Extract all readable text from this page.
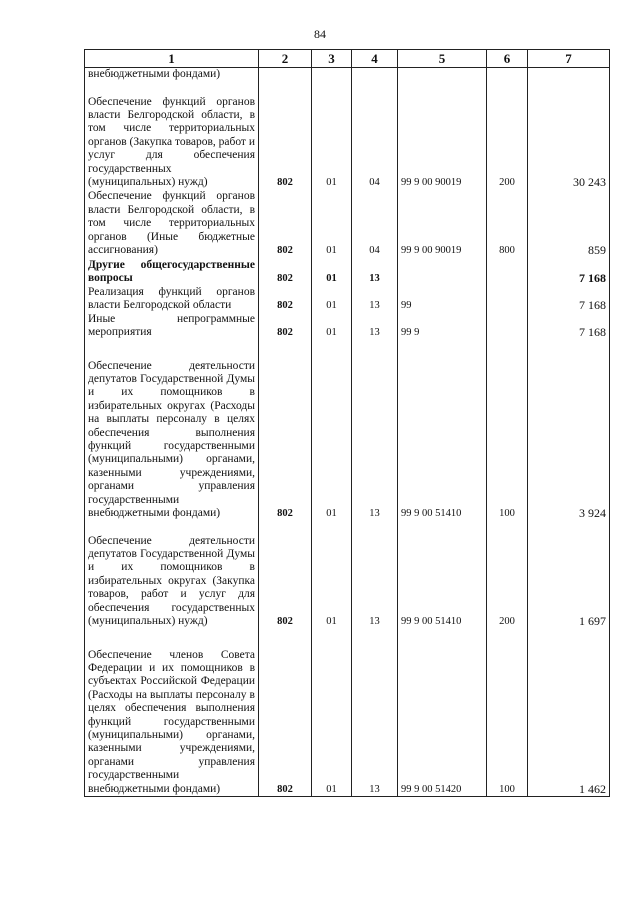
84
1	2	3	4	5	6	7
внебюджетными фондами)						
Обеспечение функций органов власти Белгородской области, в том числе территориальных органов (Закупка товаров, работ и услуг для обеспечения государственных (муниципальных) нужд)	802	01	04	99 9 00 90019	200	30 243
Обеспечение функций органов власти Белгородской области, в том числе территориальных органов (Иные бюджетные ассигнования)	802	01	04	99 9 00 90019	800	859
Другие общегосударственные вопросы	802	01	13			7 168
Реализация функций органов власти Белгородской области	802	01	13	99		7 168
Иные непрограммные мероприятия	802	01	13	99 9		7 168
Обеспечение деятельности депутатов Государственной Думы и их помощников в избирательных округах (Расходы на выплаты персоналу в целях обеспечения выполнения функций государственными (муниципальными) органами, казенными учреждениями, органами управления государственными внебюджетными фондами)	802	01	13	99 9 00 51410	100	3 924
Обеспечение деятельности депутатов Государственной Думы и их помощников в избирательных округах (Закупка товаров, работ и услуг для обеспечения государственных (муниципальных) нужд)	802	01	13	99 9 00 51410	200	1 697
Обеспечение членов Совета Федерации и их помощников в субъектах Российской Федерации (Расходы на выплаты персоналу в целях обеспечения выполнения функций государственными (муниципальными) органами, казенными учреждениями, органами управления государственными внебюджетными фондами)	802	01	13	99 9 00 51420	100	1 462
